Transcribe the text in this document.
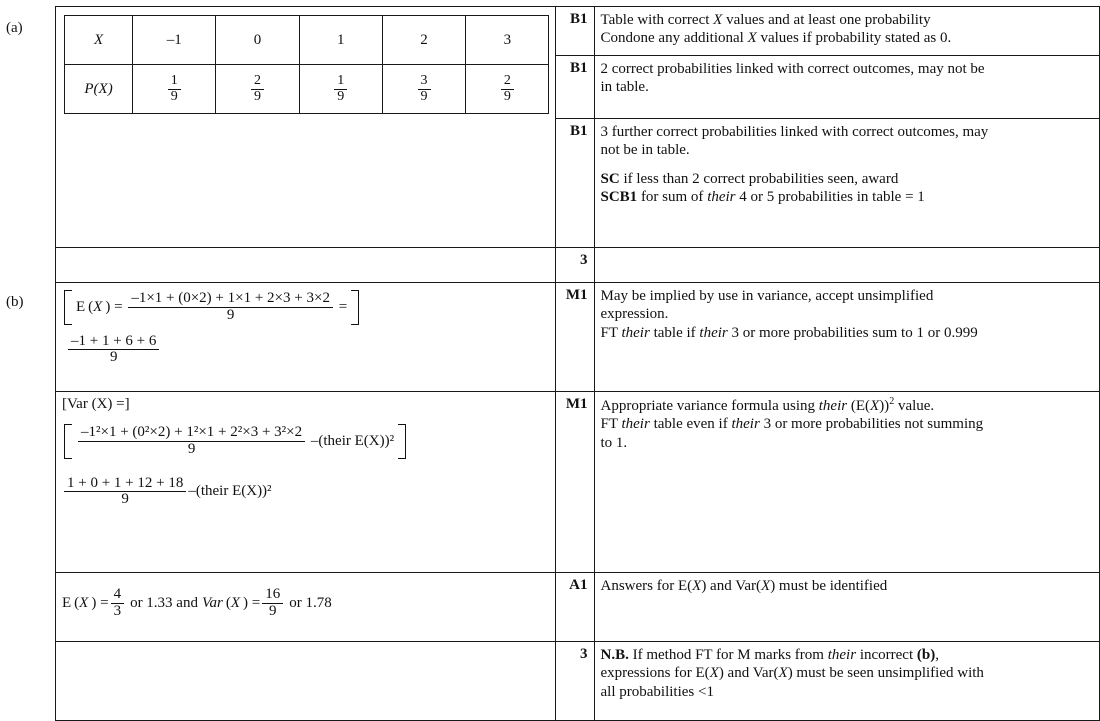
(a)
(b)
X	–1	0	1	2	3
P(X)	$\frac{1}{9}$	$\frac{2}{9}$	$\frac{1}{9}$	$\frac{3}{9}$	$\frac{2}{9}$
	B1	Table with correct X values and at least one probability
Condone any additional X values if probability stated as 0.

B1	2 correct probabilities linked with correct outcomes, may not be
in table.

B1	3 further correct probabilities linked with correct outcomes, may
not be in table.

SC if less than 2 correct probabilities seen, award
SCB1 for sum of their 4 or 5 probabilities in table = 1

	3	

E (X ) = $\frac{-1\times 1 + (0\times 2) + 1\times 1 + 2\times 3 + 3\times 2}{9}$ =
$\frac{-1 + 1 + 6 + 6}{9}$
	M1	May be implied by use in variance, accept unsimplified
expression.
FT their table if their 3 or more probabilities sum to 1 or 0.999

[Var (X) =]
$\frac{\text{–1²×1 + (0²×2) + 1²×1 + 2²×3 + 3²×2}}{9}$ –(their E(X))²
$\frac{1 + 0 + 1 + 12 + 18}{9}$ –(their E(X))²
	M1	Appropriate variance formula using their $(E(X))^2$ value.
FT their table even if their 3 or more probabilities not summing
to 1.

E (X ) = $\frac{4}{3}$ or 1.33 and Var (X ) = $\frac{16}{9}$ or 1.78
	A1	Answers for E(X) and Var(X) must be identified

	3	N.B. If method FT for M marks from their incorrect (b),
expressions for E(X) and Var(X) must be seen unsimplified with
all probabilities <1
